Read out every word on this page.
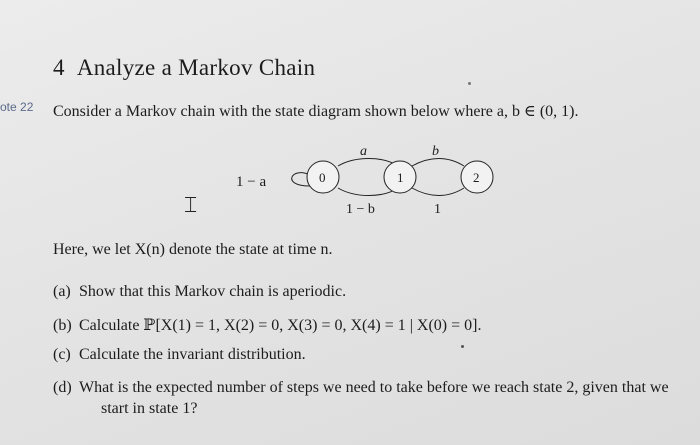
ote 22
4 Analyze a Markov Chain
Consider a Markov chain with the state diagram shown below where a, b ∈ (0, 1).
1 − a
a
1 − b
b
1
0	1	2
⌶
Here, we let X(n) denote the state at time n.
(a) Show that this Markov chain is aperiodic.
(b) Calculate ℙ[X(1) = 1, X(2) = 0, X(3) = 0, X(4) = 1 | X(0) = 0].
(c) Calculate the invariant distribution.
(d) What is the expected number of steps we need to take before we reach state 2, given that we
start in state 1?
